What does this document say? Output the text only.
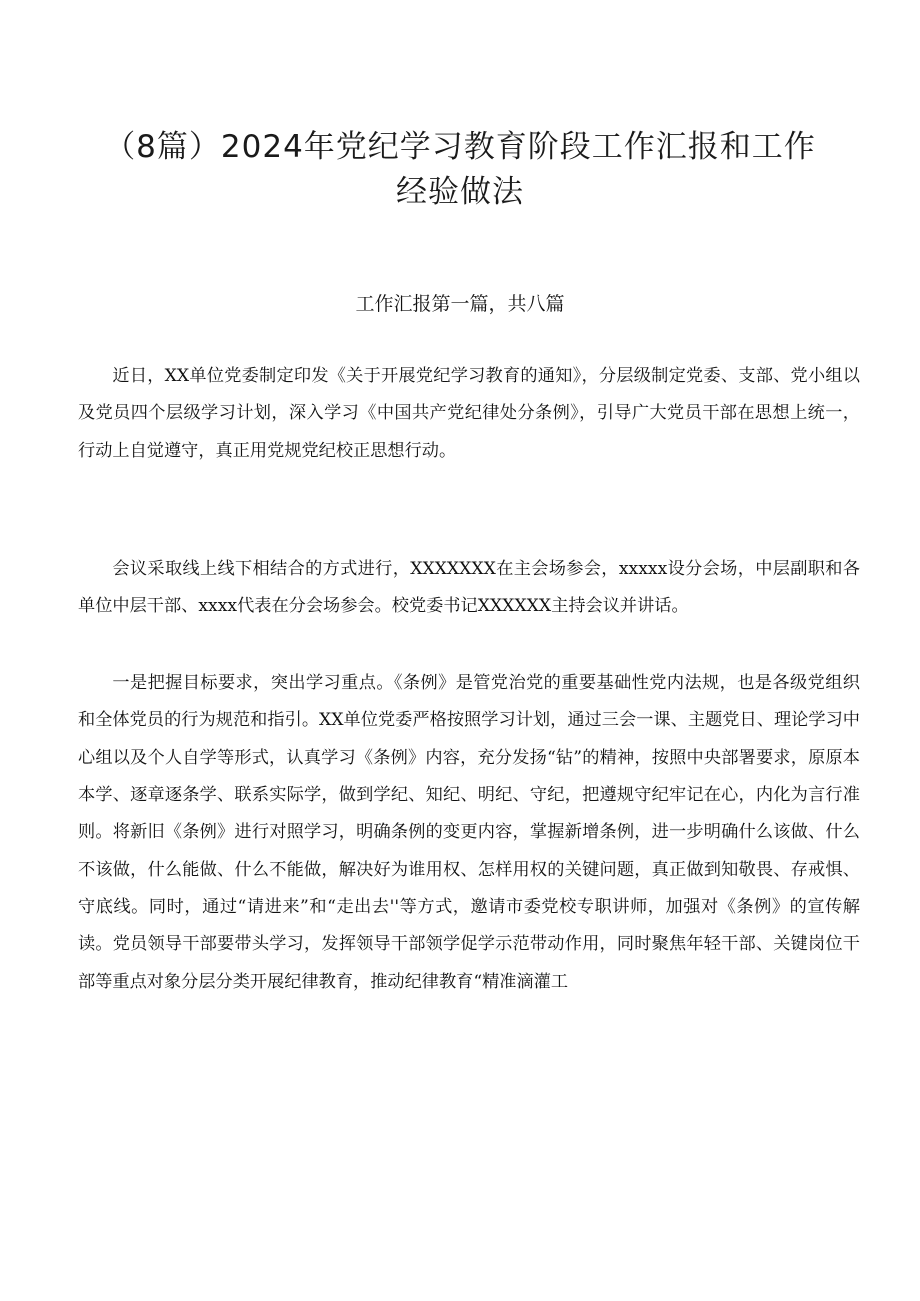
（8篇）2024年党纪学习教育阶段工作汇报和工作
经验做法
工作汇报第一篇，共八篇

近日，XX单位党委制定印发《关于开展党纪学习教育的通知》，分层级制定党委、支部、党小组以及党员四个层级学习计划，深入学习《中国共产党纪律处分条例》，引导广大党员干部在思想上统一，行动上自觉遵守，真正用党规党纪校正思想行动。

会议采取线上线下相结合的方式进行，XXXXXXX在主会场参会，xxxxx设分会场，中层副职和各单位中层干部、xxxx代表在分会场参会。校党委书记XXXXXX主持会议并讲话。

一是把握目标要求，突出学习重点。《条例》是管党治党的重要基础性党内法规，也是各级党组织和全体党员的行为规范和指引。XX单位党委严格按照学习计划，通过三会一课、主题党日、理论学习中心组以及个人自学等形式，认真学习《条例》内容，充分发扬“钻”的精神，按照中央部署要求，原原本本学、逐章逐条学、联系实际学，做到学纪、知纪、明纪、守纪，把遵规守纪牢记在心，内化为言行准则。将新旧《条例》进行对照学习，明确条例的变更内容，掌握新增条例，进一步明确什么该做、什么不该做，什么能做、什么不能做，解决好为谁用权、怎样用权的关键问题，真正做到知敬畏、存戒惧、守底线。同时，通过“请进来”和“走出去''等方式，邀请市委党校专职讲师，加强对《条例》的宣传解读。党员领导干部要带头学习，发挥领导干部领学促学示范带动作用，同时聚焦年轻干部、关键岗位干部等重点对象分层分类开展纪律教育，推动纪律教育“精准滴灌工
